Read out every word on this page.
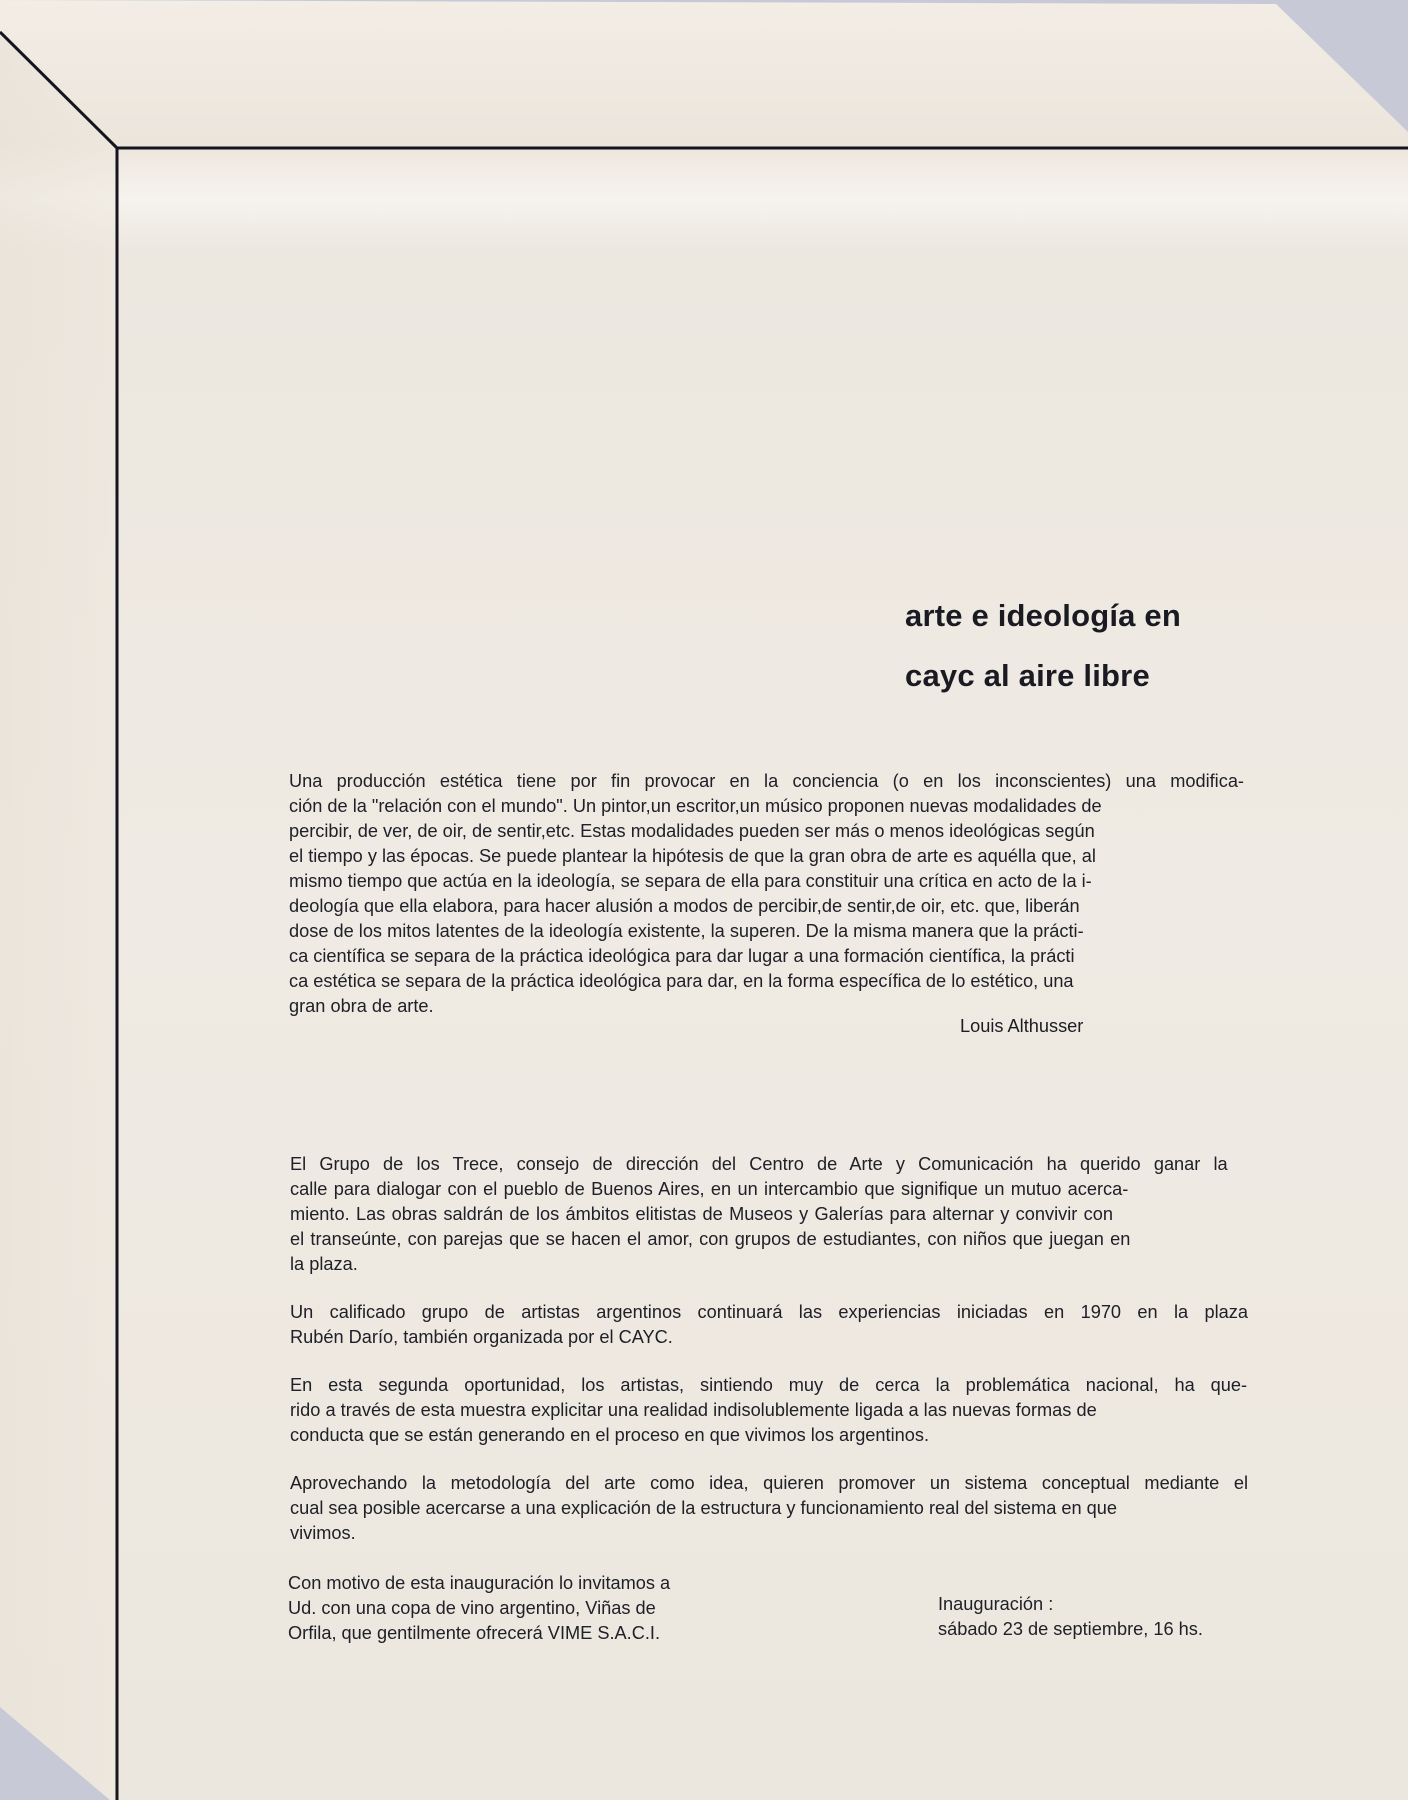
arte e ideología en
cayc al aire libre
Una producción estética tiene por fin provocar en la conciencia (o en los inconscientes) una modifica-
ción de la "relación con el mundo". Un pintor,un escritor,un músico proponen nuevas modalidades de
percibir, de ver, de oir, de sentir,etc. Estas modalidades pueden ser más o menos ideológicas según
el tiempo y las épocas. Se puede plantear la hipótesis de que la gran obra de arte es aquélla que, al
mismo tiempo que actúa en la ideología, se separa de ella para constituir una crítica en acto de la i-
deología que ella elabora, para hacer alusión a modos de percibir,de sentir,de oir, etc. que, liberán
dose de los mitos latentes de la ideología existente, la superen. De la misma manera que la prácti-
ca científica se separa de la práctica ideológica para dar lugar a una formación científica, la prácti
ca estética se separa de la práctica ideológica para dar, en la forma específica de lo estético, una
gran obra de arte.
Louis Althusser
El Grupo de los Trece, consejo de dirección del Centro de Arte y Comunicación ha querido ganar la
calle para dialogar con el pueblo de Buenos Aires, en un intercambio que signifique un mutuo acerca-
miento. Las obras saldrán de los ámbitos elitistas de Museos y Galerías para alternar y convivir con
el transeúnte, con parejas que se hacen el amor, con grupos de estudiantes, con niños que juegan en
la plaza.
Un calificado grupo de artistas argentinos continuará las experiencias iniciadas en 1970 en la plaza
Rubén Darío, también organizada por el CAYC.
En esta segunda oportunidad, los artistas, sintiendo muy de cerca la problemática nacional, ha que-
rido a través de esta muestra explicitar una realidad indisolublemente ligada a las nuevas formas de
conducta que se están generando en el proceso en que vivimos los argentinos.
Aprovechando la metodología del arte como idea, quieren promover un sistema conceptual mediante el
cual sea posible acercarse a una explicación de la estructura y funcionamiento real del sistema en que
vivimos.
Con motivo de esta inauguración lo invitamos a
Ud. con una copa de vino argentino, Viñas de
Orfila, que gentilmente ofrecerá VIME S.A.C.I.
Inauguración :
sábado 23 de septiembre, 16 hs.
